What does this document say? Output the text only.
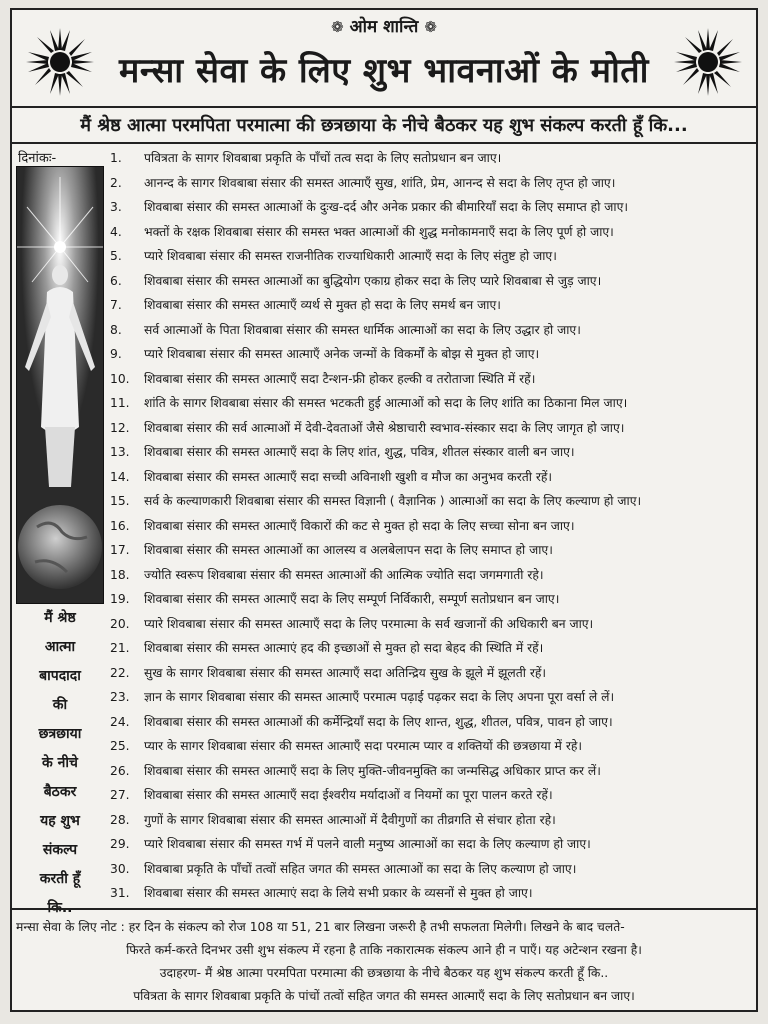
❁ ओम शान्ति ❁
मन्सा सेवा के लिए शुभ भावनाओं के मोती
मैं श्रेष्ठ आत्मा परमपिता परमात्मा की छत्रछाया के नीचे बैठकर यह शुभ संकल्प करती हूँ कि...
दिनांकः-
मैं श्रेष्ठ
आत्मा
बापदादा
की
छत्रछाया
के नीचे
बैठकर
यह शुभ
संकल्प
करती हूँ
कि..
1.	पवित्रता के सागर शिवबाबा प्रकृति के पाँचों तत्व सदा के लिए सतोप्रधान बन जाए।
2.	आनन्द के सागर शिवबाबा संसार की समस्त आत्माएँ सुख, शांति, प्रेम, आनन्द से सदा के लिए तृप्त हो जाए।
3.	शिवबाबा संसार की समस्त आत्माओं के दुःख-दर्द और अनेक प्रकार की बीमारियाँ सदा के लिए समाप्त हो जाए।
4.	भक्तों के रक्षक शिवबाबा संसार की समस्त भक्त आत्माओं की शुद्ध मनोकामनाएँ सदा के लिए पूर्ण हो जाए।
5.	प्यारे शिवबाबा संसार की समस्त राजनीतिक राज्याधिकारी आत्माएँ सदा के लिए संतुष्ट हो जाए।
6.	शिवबाबा संसार की समस्त आत्माओं का बुद्धियोग एकाग्र होकर सदा के लिए प्यारे शिवबाबा से जुड़ जाए।
7.	शिवबाबा संसार की समस्त आत्माएँ व्यर्थ से मुक्त हो सदा के लिए समर्थ बन जाए।
8.	सर्व आत्माओं के पिता शिवबाबा संसार की समस्त धार्मिक आत्माओं का सदा के लिए उद्धार हो जाए।
9.	प्यारे शिवबाबा संसार की समस्त आत्माएँ अनेक जन्मों के विकर्मों के बोझ से मुक्त हो जाए।
10.	शिवबाबा संसार की समस्त आत्माएँ सदा टैन्शन-फ्री होकर हल्की व तरोताजा स्थिति में रहें।
11.	शांति के सागर शिवबाबा संसार की समस्त भटकती हुई आत्माओं को सदा के लिए शांति का ठिकाना मिल जाए।
12.	शिवबाबा संसार की सर्व आत्माओं में देवी-देवताओं जैसे श्रेष्ठाचारी स्वभाव-संस्कार सदा के लिए जागृत हो जाए।
13.	शिवबाबा संसार की समस्त आत्माएँ सदा के लिए शांत, शुद्ध, पवित्र, शीतल संस्कार वाली बन जाए।
14.	शिवबाबा संसार की समस्त आत्माएँ सदा सच्ची अविनाशी खुशी व मौज का अनुभव करती रहें।
15.	सर्व के कल्याणकारी शिवबाबा संसार की समस्त विज्ञानी ( वैज्ञानिक ) आत्माओं का सदा के लिए कल्याण हो जाए।
16.	शिवबाबा संसार की समस्त आत्माएँ विकारों की कट से मुक्त हो सदा के लिए सच्चा सोना बन जाए।
17.	शिवबाबा संसार की समस्त आत्माओं का आलस्य व अलबेलापन सदा के लिए समाप्त हो जाए।
18.	ज्योति स्वरूप शिवबाबा संसार की समस्त आत्माओं की आत्मिक ज्योति सदा जगमगाती रहे।
19.	शिवबाबा संसार की समस्त आत्माएँ सदा के लिए सम्पूर्ण निर्विकारी, सम्पूर्ण सतोप्रधान बन जाए।
20.	प्यारे शिवबाबा संसार की समस्त आत्माएँ सदा के लिए परमात्मा के सर्व खजानों की अधिकारी बन जाए।
21.	शिवबाबा संसार की समस्त आत्माएं हद की इच्छाओं से मुक्त हो सदा बेहद की स्थिति में रहें।
22.	सुख के सागर शिवबाबा संसार की समस्त आत्माएँ सदा अतिन्द्रिय सुख के झूले में झूलती रहें।
23.	ज्ञान के सागर शिवबाबा संसार की समस्त आत्माएँ परमात्म पढ़ाई पढ़कर सदा के लिए अपना पूरा वर्सा ले लें।
24.	शिवबाबा संसार की समस्त आत्माओं की कर्मेन्द्रियाँ सदा के लिए शान्त, शुद्ध, शीतल, पवित्र, पावन हो जाए।
25.	प्यार के सागर शिवबाबा संसार की समस्त आत्माएँ सदा परमात्म प्यार व शक्तियों की छत्रछाया में रहे।
26.	शिवबाबा संसार की समस्त आत्माएँ सदा के लिए मुक्ति-जीवनमुक्ति का जन्मसिद्ध अधिकार प्राप्त कर लें।
27.	शिवबाबा संसार की समस्त आत्माएँ सदा ईश्वरीय मर्यादाओं व नियमों का पूरा पालन करते रहें।
28.	गुणों के सागर शिवबाबा संसार की समस्त आत्माओं में दैवीगुणों का तीव्रगति से संचार होता रहे।
29.	प्यारे शिवबाबा संसार की समस्त गर्भ में पलने वाली मनुष्य आत्माओं का सदा के लिए कल्याण हो जाए।
30.	शिवबाबा प्रकृति के पाँचों तत्वों सहित जगत की समस्त आत्माओं का सदा के लिए कल्याण हो जाए।
31.	शिवबाबा संसार की समस्त आत्माएं सदा के लिये सभी प्रकार के व्यसनों से मुक्त हो जाए।
मन्सा सेवा के लिए नोट : हर दिन के संकल्प को रोज 108 या 51, 21 बार लिखना जरूरी है तभी सफलता मिलेगी। लिखने के बाद चलते-
फिरते कर्म-करते दिनभर उसी शुभ संकल्प में रहना है ताकि नकारात्मक संकल्प आने ही न पाएँ। यह अटेन्शन रखना है।
उदाहरण- मैं श्रेष्ठ आत्मा परमपिता परमात्मा की छत्रछाया के नीचे बैठकर यह शुभ संकल्प करती हूँ कि..
पवित्रता के सागर शिवबाबा प्रकृति के पांचों तत्वों सहित जगत की समस्त आत्माएँ सदा के लिए सतोप्रधान बन जाए।
